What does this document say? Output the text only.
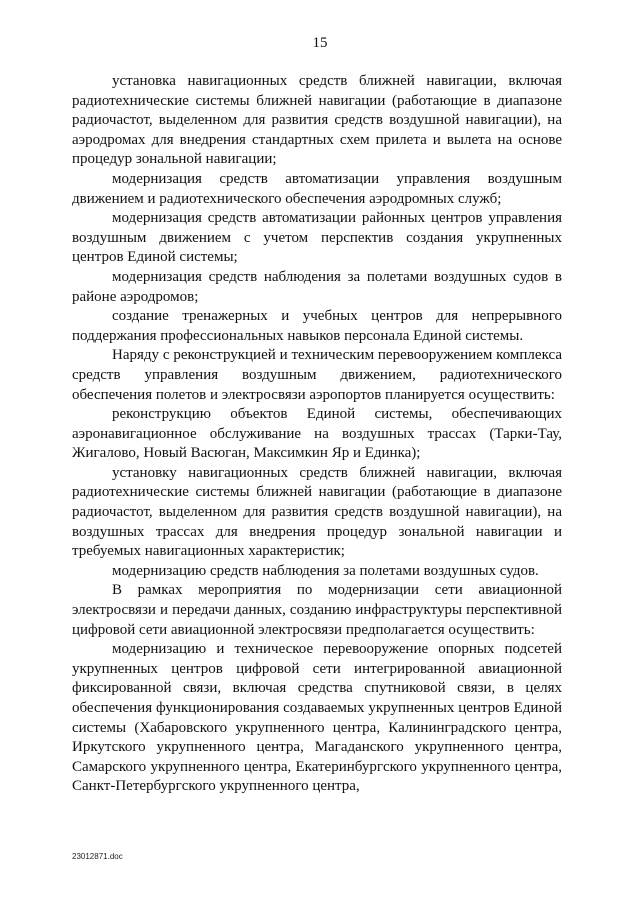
15

установка навигационных средств ближней навигации, включая радиотехнические системы ближней навигации (работающие в диапазоне радиочастот, выделенном для развития средств воздушной навигации), на аэродромах для внедрения стандартных схем прилета и вылета на основе процедур зональной навигации;

модернизация средств автоматизации управления воздушным движением и радиотехнического обеспечения аэродромных служб;

модернизация средств автоматизации районных центров управления воздушным движением с учетом перспектив создания укрупненных центров Единой системы;

модернизация средств наблюдения за полетами воздушных судов в районе аэродромов;

создание тренажерных и учебных центров для непрерывного поддержания профессиональных навыков персонала Единой системы.

Наряду с реконструкцией и техническим перевооружением комплекса средств управления воздушным движением, радиотехнического обеспечения полетов и электросвязи аэропортов планируется осуществить:

реконструкцию объектов Единой системы, обеспечивающих аэронавигационное обслуживание на воздушных трассах (Тарки-Тау, Жигалово, Новый Васюган, Максимкин Яр и Единка);

установку навигационных средств ближней навигации, включая радиотехнические системы ближней навигации (работающие в диапазоне радиочастот, выделенном для развития средств воздушной навигации), на воздушных трассах для внедрения процедур зональной навигации и требуемых навигационных характеристик;

модернизацию средств наблюдения за полетами воздушных судов.

В рамках мероприятия по модернизации сети авиационной электросвязи и передачи данных, созданию инфраструктуры перспективной цифровой сети авиационной электросвязи предполагается осуществить:

модернизацию и техническое перевооружение опорных подсетей укрупненных центров цифровой сети интегрированной авиационной фиксированной связи, включая средства спутниковой связи, в целях обеспечения функционирования создаваемых укрупненных центров Единой системы (Хабаровского укрупненного центра, Калининградского центра, Иркутского укрупненного центра, Магаданского укрупненного центра, Самарского укрупненного центра, Екатеринбургского укрупненного центра, Санкт-Петербургского укрупненного центра,

23012871.doc
